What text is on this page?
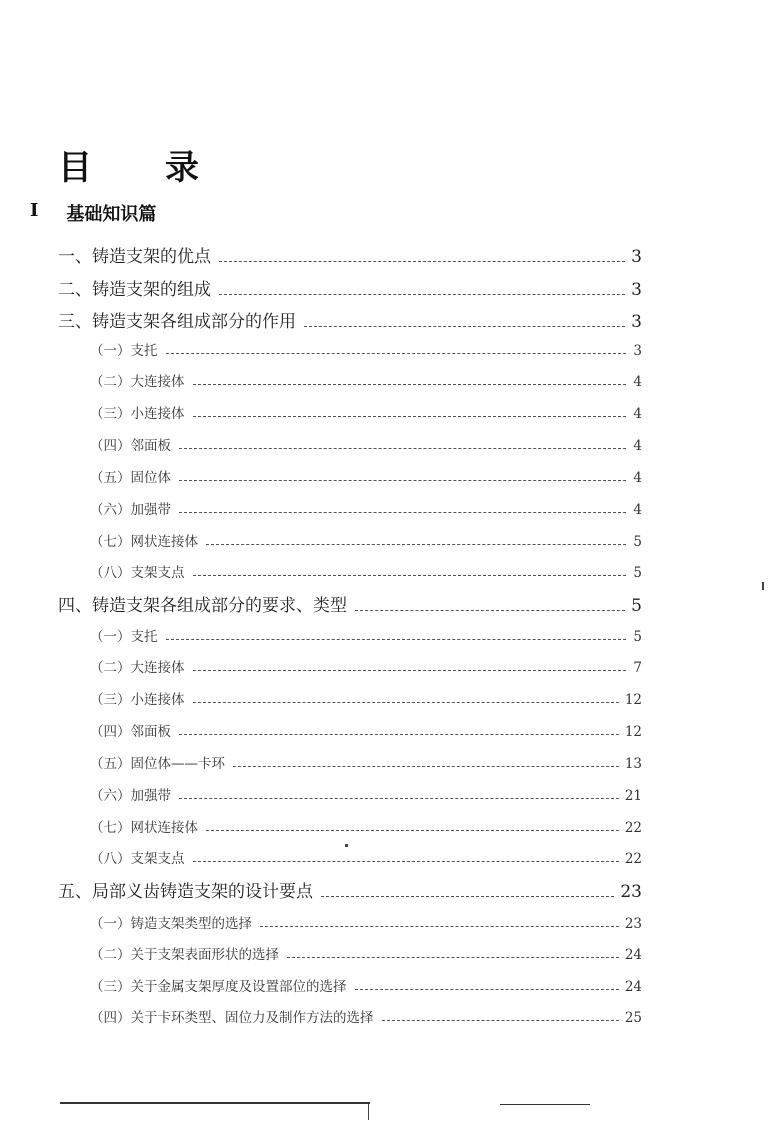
目 录
I 基础知识篇
一、铸造支架的优点	3
二、铸造支架的组成	3
三、铸造支架各组成部分的作用	3
（一）支托	3
（二）大连接体	4
（三）小连接体	4
（四）邻面板	4
（五）固位体	4
（六）加强带	4
（七）网状连接体	5
（八）支架支点	5
四、铸造支架各组成部分的要求、类型	5
（一）支托	5
（二）大连接体	7
（三）小连接体	12
（四）邻面板	12
（五）固位体——卡环	13
（六）加强带	21
（七）网状连接体	22
（八）支架支点	22
五、局部义齿铸造支架的设计要点	23
（一）铸造支架类型的选择	23
（二）关于支架表面形状的选择	24
（三）关于金属支架厚度及设置部位的选择	24
（四）关于卡环类型、固位力及制作方法的选择	25
